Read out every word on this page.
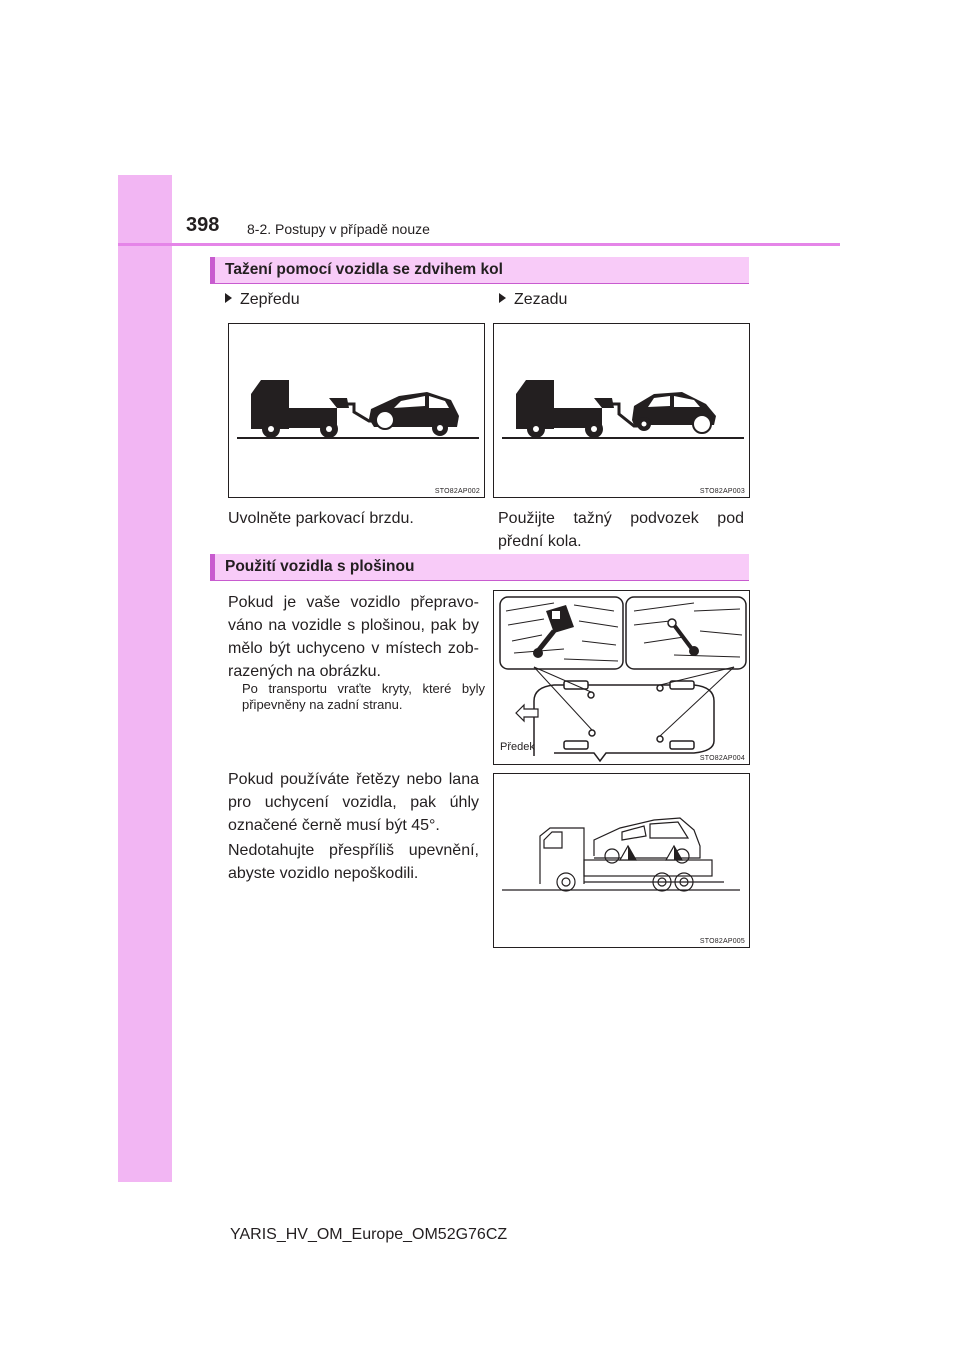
398 8-2. Postupy v případě nouze
Tažení pomocí vozidla se zdvihem kol
Zepředu	Zezadu
STO82AP002	STO82AP003
Uvolněte parkovací brzdu.	Použijte tažný podvozek pod
přední kola.
Použití vozidla s plošinou
Pokud je vaše vozidlo přepravo-
váno na vozidle s plošinou, pak by
mělo být uchyceno v místech zob-
razených na obrázku.
Po transportu vraťte kryty, které byly
připevněny na zadní stranu.
Předek
STO82AP004
Pokud používáte řetězy nebo lana
pro uchycení vozidla, pak úhly
označené černě musí být 45°.
Nedotahujte přespříliš upevnění,
abyste vozidlo nepoškodili.
STO82AP005
YARIS_HV_OM_Europe_OM52G76CZ
